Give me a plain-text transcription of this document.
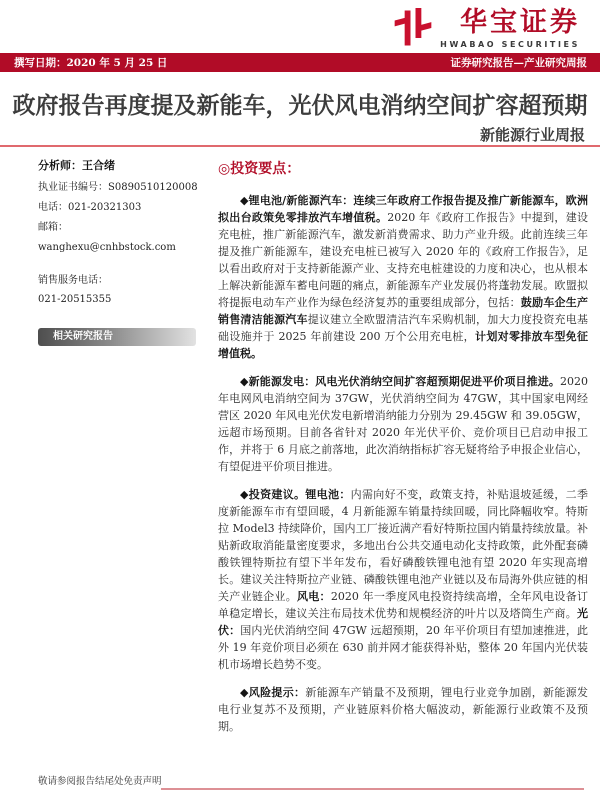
华宝证券
HWABAO SECURITIES
撰写日期：2020 年 5 月 25 日	证券研究报告—产业研究周报
政府报告再度提及新能车，光伏风电消纳空间扩容超预期
新能源行业周报
分析师：王合绪
执业证书编号：S0890510120008
电话：021-20321303
邮箱：wanghexu@cnhbstock.com
销售服务电话：
021-20515355
相关研究报告
◎投资要点：

◆锂电池/新能源汽车：连续三年政府工作报告提及推广新能源车，欧洲拟出台政策免零排放汽车增值税。2020 年《政府工作报告》中提到，建设充电桩，推广新能源汽车，激发新消费需求、助力产业升级。此前连续三年提及推广新能源车，建设充电桩已被写入 2020 年的《政府工作报告》，足以看出政府对于支持新能源产业、支持充电桩建设的力度和决心，也从根本上解决新能源车蓄电问题的痛点，新能源车产业发展仍将蓬勃发展。欧盟拟将提振电动车产业作为绿色经济复苏的重要组成部分，包括：鼓励车企生产销售清洁能源汽车提议建立全欧盟清洁汽车采购机制，加大力度投资充电基础设施并于 2025 年前建设 200 万个公用充电桩，计划对零排放车型免征增值税。

◆新能源发电：风电光伏消纳空间扩容超预期促进平价项目推进。2020 年电网风电消纳空间为 37GW，光伏消纳空间为 47GW，其中国家电网经营区 2020 年风电光伏发电新增消纳能力分别为 29.45GW 和 39.05GW，远超市场预期。目前各省针对 2020 年光伏平价、竞价项目已启动申报工作，并将于 6 月底之前落地，此次消纳指标扩容无疑将给予申报企业信心，有望促进平价项目推进。

◆投资建议。锂电池：内需向好不变，政策支持，补贴退坡延缓，二季度新能源车市有望回暖，4 月新能源车销量持续回暖，同比降幅收窄。特斯拉 Model3 持续降价，国内工厂接近满产看好特斯拉国内销量持续放量。补贴新政取消能量密度要求，多地出台公共交通电动化支持政策，此外配套磷酸铁锂特斯拉有望下半年发布，看好磷酸铁锂电池有望 2020 年实现高增长。建议关注特斯拉产业链、磷酸铁锂电池产业链以及布局海外供应链的相关产业链企业。风电：2020 年一季度风电投资持续高增，全年风电设备订单稳定增长，建议关注布局技术优势和规模经济的叶片以及塔筒生产商。光伏：国内光伏消纳空间 47GW 远超预期，20 年平价项目有望加速推进，此外 19 年竞价项目必须在 630 前并网才能获得补贴，整体 20 年国内光伏装机市场增长趋势不变。

◆风险提示：新能源车产销量不及预期，锂电行业竞争加剧，新能源发电行业复苏不及预期，产业链原料价格大幅波动，新能源行业政策不及预期。

敬请参阅报告结尾处免责声明
